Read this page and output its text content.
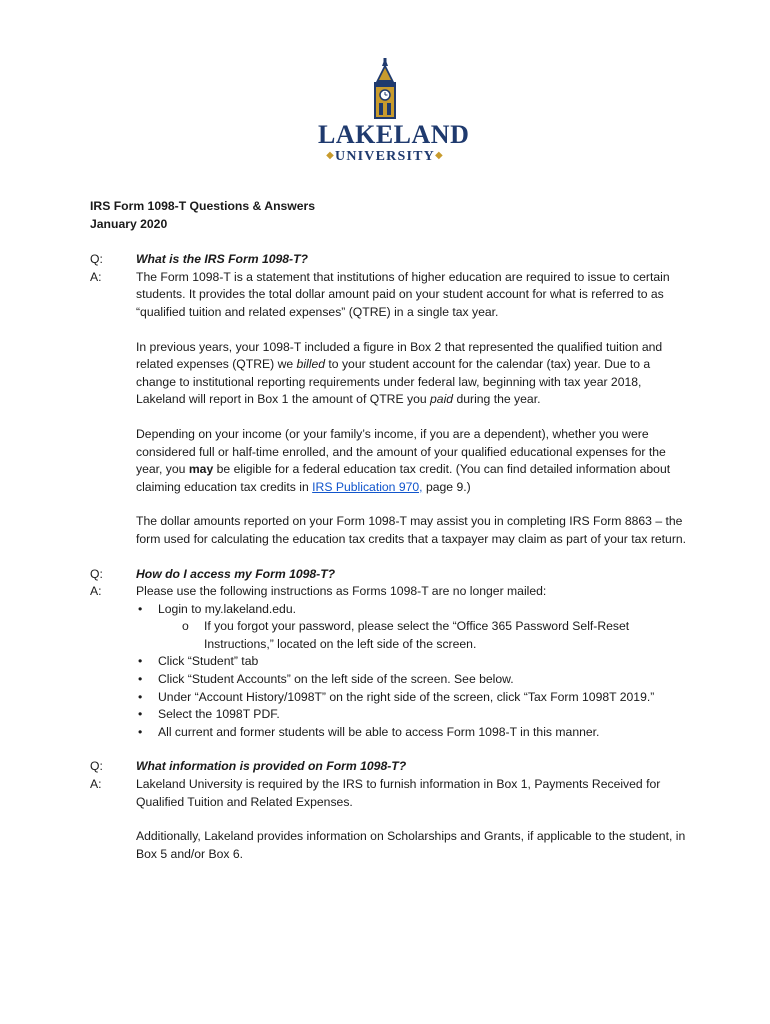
LAKELAND
◆UNIVERSITY◆
IRS Form 1098-T Questions & Answers
January 2020
Q:	What is the IRS Form 1098-T?
A:	The Form 1098-T is a statement that institutions of higher education are required to issue to certain students. It provides the total dollar amount paid on your student account for what is referred to as “qualified tuition and related expenses” (QTRE) in a single tax year.
In previous years, your 1098-T included a figure in Box 2 that represented the qualified tuition and related expenses (QTRE) we billed to your student account for the calendar (tax) year. Due to a change to institutional reporting requirements under federal law, beginning with tax year 2018, Lakeland will report in Box 1 the amount of QTRE you paid during the year.
Depending on your income (or your family’s income, if you are a dependent), whether you were considered full or half-time enrolled, and the amount of your qualified educational expenses for the year, you may be eligible for a federal education tax credit. (You can find detailed information about claiming education tax credits in IRS Publication 970, page 9.)
The dollar amounts reported on your Form 1098-T may assist you in completing IRS Form 8863 – the form used for calculating the education tax credits that a taxpayer may claim as part of your tax return.
Q:	How do I access my Form 1098-T?
A:	Please use the following instructions as Forms 1098-T are no longer mailed:
• Login to my.lakeland.edu.
o If you forgot your password, please select the “Office 365 Password Self-Reset Instructions,” located on the left side of the screen.
• Click “Student” tab
• Click “Student Accounts” on the left side of the screen. See below.
• Under “Account History/1098T” on the right side of the screen, click “Tax Form 1098T 2019.”
• Select the 1098T PDF.
• All current and former students will be able to access Form 1098-T in this manner.
Q:	What information is provided on Form 1098-T?
A:	Lakeland University is required by the IRS to furnish information in Box 1, Payments Received for Qualified Tuition and Related Expenses.
Additionally, Lakeland provides information on Scholarships and Grants, if applicable to the student, in Box 5 and/or Box 6.
